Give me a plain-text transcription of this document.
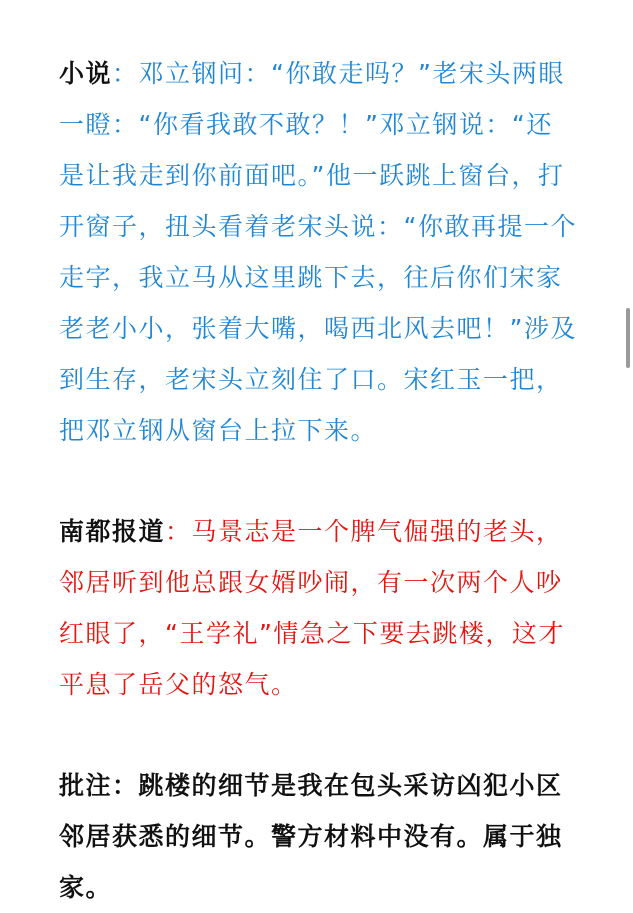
小说：邓立钢问：“你敢走吗？”老宋头两眼一瞪：“你看我敢不敢？！”邓立钢说：“还是让我走到你前面吧。”他一跃跳上窗台，打开窗子，扭头看着老宋头说：“你敢再提一个走字，我立马从这里跳下去，往后你们宋家老老小小，张着大嘴，喝西北风去吧！”涉及到生存，老宋头立刻住了口。宋红玉一把，把邓立钢从窗台上拉下来。

南都报道：马景志是一个脾气倔强的老头，邻居听到他总跟女婿吵闹，有一次两个人吵红眼了，“王学礼”情急之下要去跳楼，这才平息了岳父的怒气。

批注：跳楼的细节是我在包头采访凶犯小区邻居获悉的细节。警方材料中没有。属于独家。
